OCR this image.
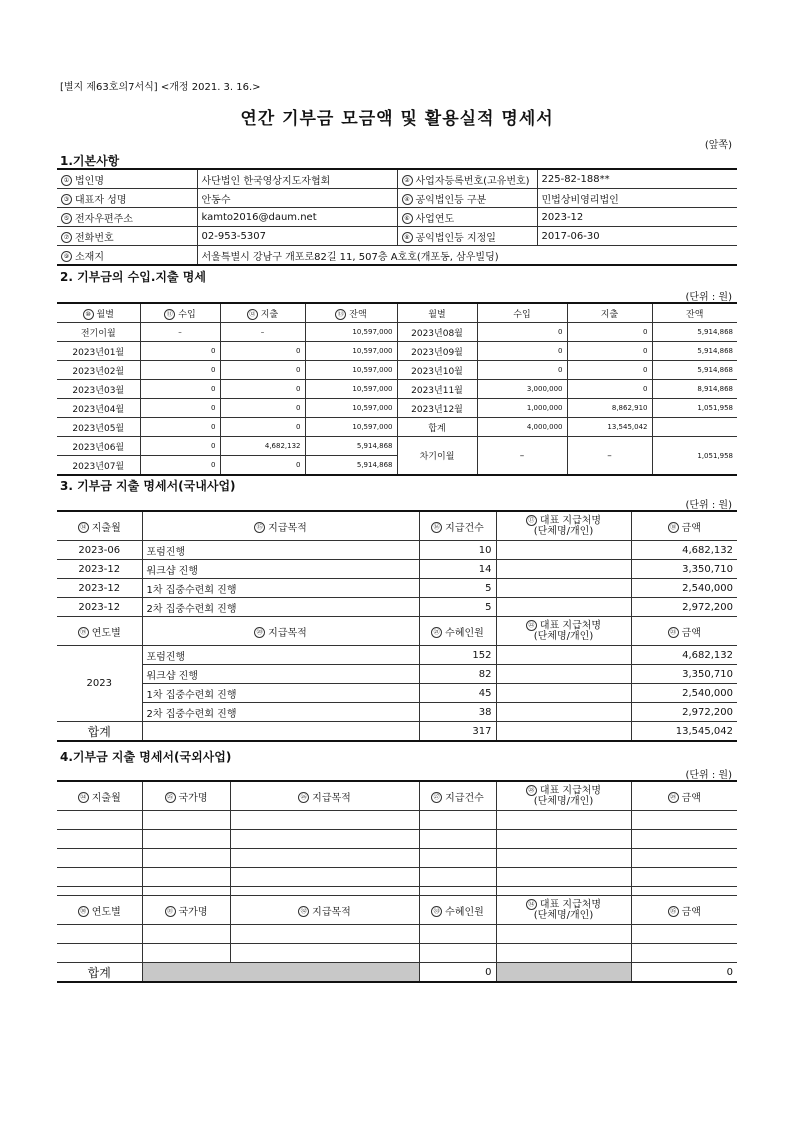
[별지 제63호의7서식] <개정 2021. 3. 16.>
연간 기부금 모금액 및 활용실적 명세서
(앞쪽)
1.기본사항
① 법인명	사단법인 한국영상지도자협회	② 사업자등록번호(고유번호)	225-82-188**
③ 대표자 성명	안동수	④ 공익법인등 구분	민법상비영리법인
⑤ 전자우편주소	kamto2016@daum.net	⑥ 사업연도	2023-12
⑦ 전화번호	02-953-5307	⑧ 공익법인등 지정일	2017-06-30
⑨ 소재지	서울특별시 강남구 개포로82길 11, 507층 A호호(개포동, 삼우빌딩)		
2. 기부금의 수입.지출 명세
(단위 : 원)
⑩ 월별	⑪ 수입	⑫ 지출	⑬ 잔액	월별	수입	지출	잔액
전기이월	–	–	10,597,000	2023년08월	0	0	5,914,868
2023년01월	0	0	10,597,000	2023년09월	0	0	5,914,868
2023년02월	0	0	10,597,000	2023년10월	0	0	5,914,868
2023년03월	0	0	10,597,000	2023년11월	3,000,000	0	8,914,868
2023년04월	0	0	10,597,000	2023년12월	1,000,000	8,862,910	1,051,958
2023년05월	0	0	10,597,000	합계	4,000,000	13,545,042	
2023년06월	0	4,682,132	5,914,868	차기이월	–	–	1,051,958
2023년07월	0	0	5,914,868				
3. 기부금 지출 명세서(국내사업)
(단위 : 원)
⑭ 지출월	⑮ 지급목적	⑯ 지급건수	⑰ 대표 지급처명
(단체명/개인)	⑱ 금액
2023-06	포럼진행	10		4,682,132
2023-12	워크샵 진행	14		3,350,710
2023-12	1차 집중수련회 진행	5		2,540,000
2023-12	2차 집중수련회 진행	5		2,972,200
⑲ 연도별	⑳ 지급목적	㉑ 수혜인원	㉒ 대표 지급처명
(단체명/개인)	㉓ 금액
2023	포럼진행	152		4,682,132
	워크샵 진행	82		3,350,710
	1차 집중수련회 진행	45		2,540,000
	2차 집중수련회 진행	38		2,972,200
합계		317		13,545,042
4.기부금 지출 명세서(국외사업)
(단위 : 원)
㉔ 지출월	㉕ 국가명	㉖ 지급목적	㉗ 지급건수	㉘ 대표 지급처명
(단체명/개인)	㉙ 금액

㉚ 연도별	㉛ 국가명	㉜ 지급목적	㉝ 수혜인원	㉞ 대표 지급처명
(단체명/개인)	㉟ 금액

합계			0		0
